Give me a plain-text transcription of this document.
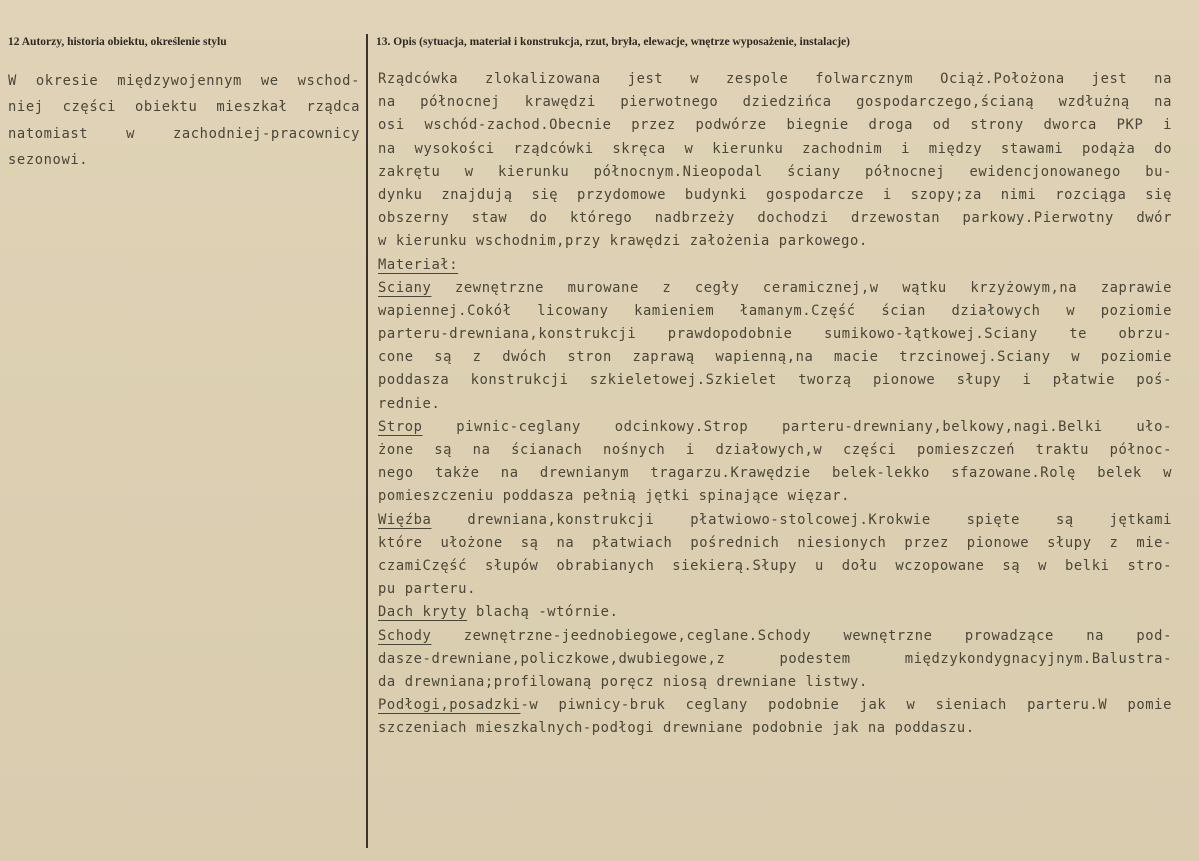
12 Autorzy, historia obiektu, określenie stylu	13. Opis (sytuacja, materiał i konstrukcja, rzut, bryła, elewacje, wnętrze wyposażenie, instalacje)
W okresie międzywojennym we wschod-
niej części obiektu mieszkał rządca
natomiast w zachodniej-pracownicy
sezonowi.
Rządcówka zlokalizowana jest w zespole folwarcznym Ociąż.Położona jest na
na północnej krawędzi pierwotnego dziedzińca gospodarczego,ścianą wzdłużną na
osi wschód-zachod.Obecnie przez podwórze biegnie droga od strony dworca PKP i
na wysokości rządcówki skręca w kierunku zachodnim i między stawami podąża do
zakrętu w kierunku północnym.Nieopodal ściany północnej ewidencjonowanego bu-
dynku znajdują się przydomowe budynki gospodarcze i szopy;za nimi rozciąga się
obszerny staw do którego nadbrzeży dochodzi drzewostan parkowy.Pierwotny dwór
w kierunku wschodnim,przy krawędzi założenia parkowego.
Materiał:
Sciany zewnętrzne murowane z cegły ceramicznej,w wątku krzyżowym,na zaprawie
wapiennej.Cokół licowany kamieniem łamanym.Część ścian działowych w poziomie
parteru-drewniana,konstrukcji prawdopodobnie sumikowo-łątkowej.Sciany te obrzu-
cone są z dwóch stron zaprawą wapienną,na macie trzcinowej.Sciany w poziomie
poddasza konstrukcji szkieletowej.Szkielet tworzą pionowe słupy i płatwie poś-
rednie.
Strop piwnic-ceglany odcinkowy.Strop parteru-drewniany,belkowy,nagi.Belki uło-
żone są na ścianach nośnych i działowych,w części pomieszczeń traktu północ-
nego także na drewnianym tragarzu.Krawędzie belek-lekko sfazowane.Rolę belek w
pomieszczeniu poddasza pełnią jętki spinające więzar.
Więźba drewniana,konstrukcji płatwiowo-stolcowej.Krokwie spięte są jętkami
które ułożone są na płatwiach pośrednich niesionych przez pionowe słupy z mie-
czamiCzęść słupów obrabianych siekierą.Słupy u dołu wczopowane są w belki stro-
pu parteru.
Dach kryty blachą -wtórnie.
Schody zewnętrzne-jeednobiegowe,ceglane.Schody wewnętrzne prowadzące na pod-
dasze-drewniane,policzkowe,dwubiegowe,z podestem międzykondygnacyjnym.Balustra-
da drewniana;profilowaną poręcz niosą drewniane listwy.
Podłogi,posadzki-w piwnicy-bruk ceglany podobnie jak w sieniach parteru.W pomie
szczeniach mieszkalnych-podłogi drewniane podobnie jak na poddaszu.
